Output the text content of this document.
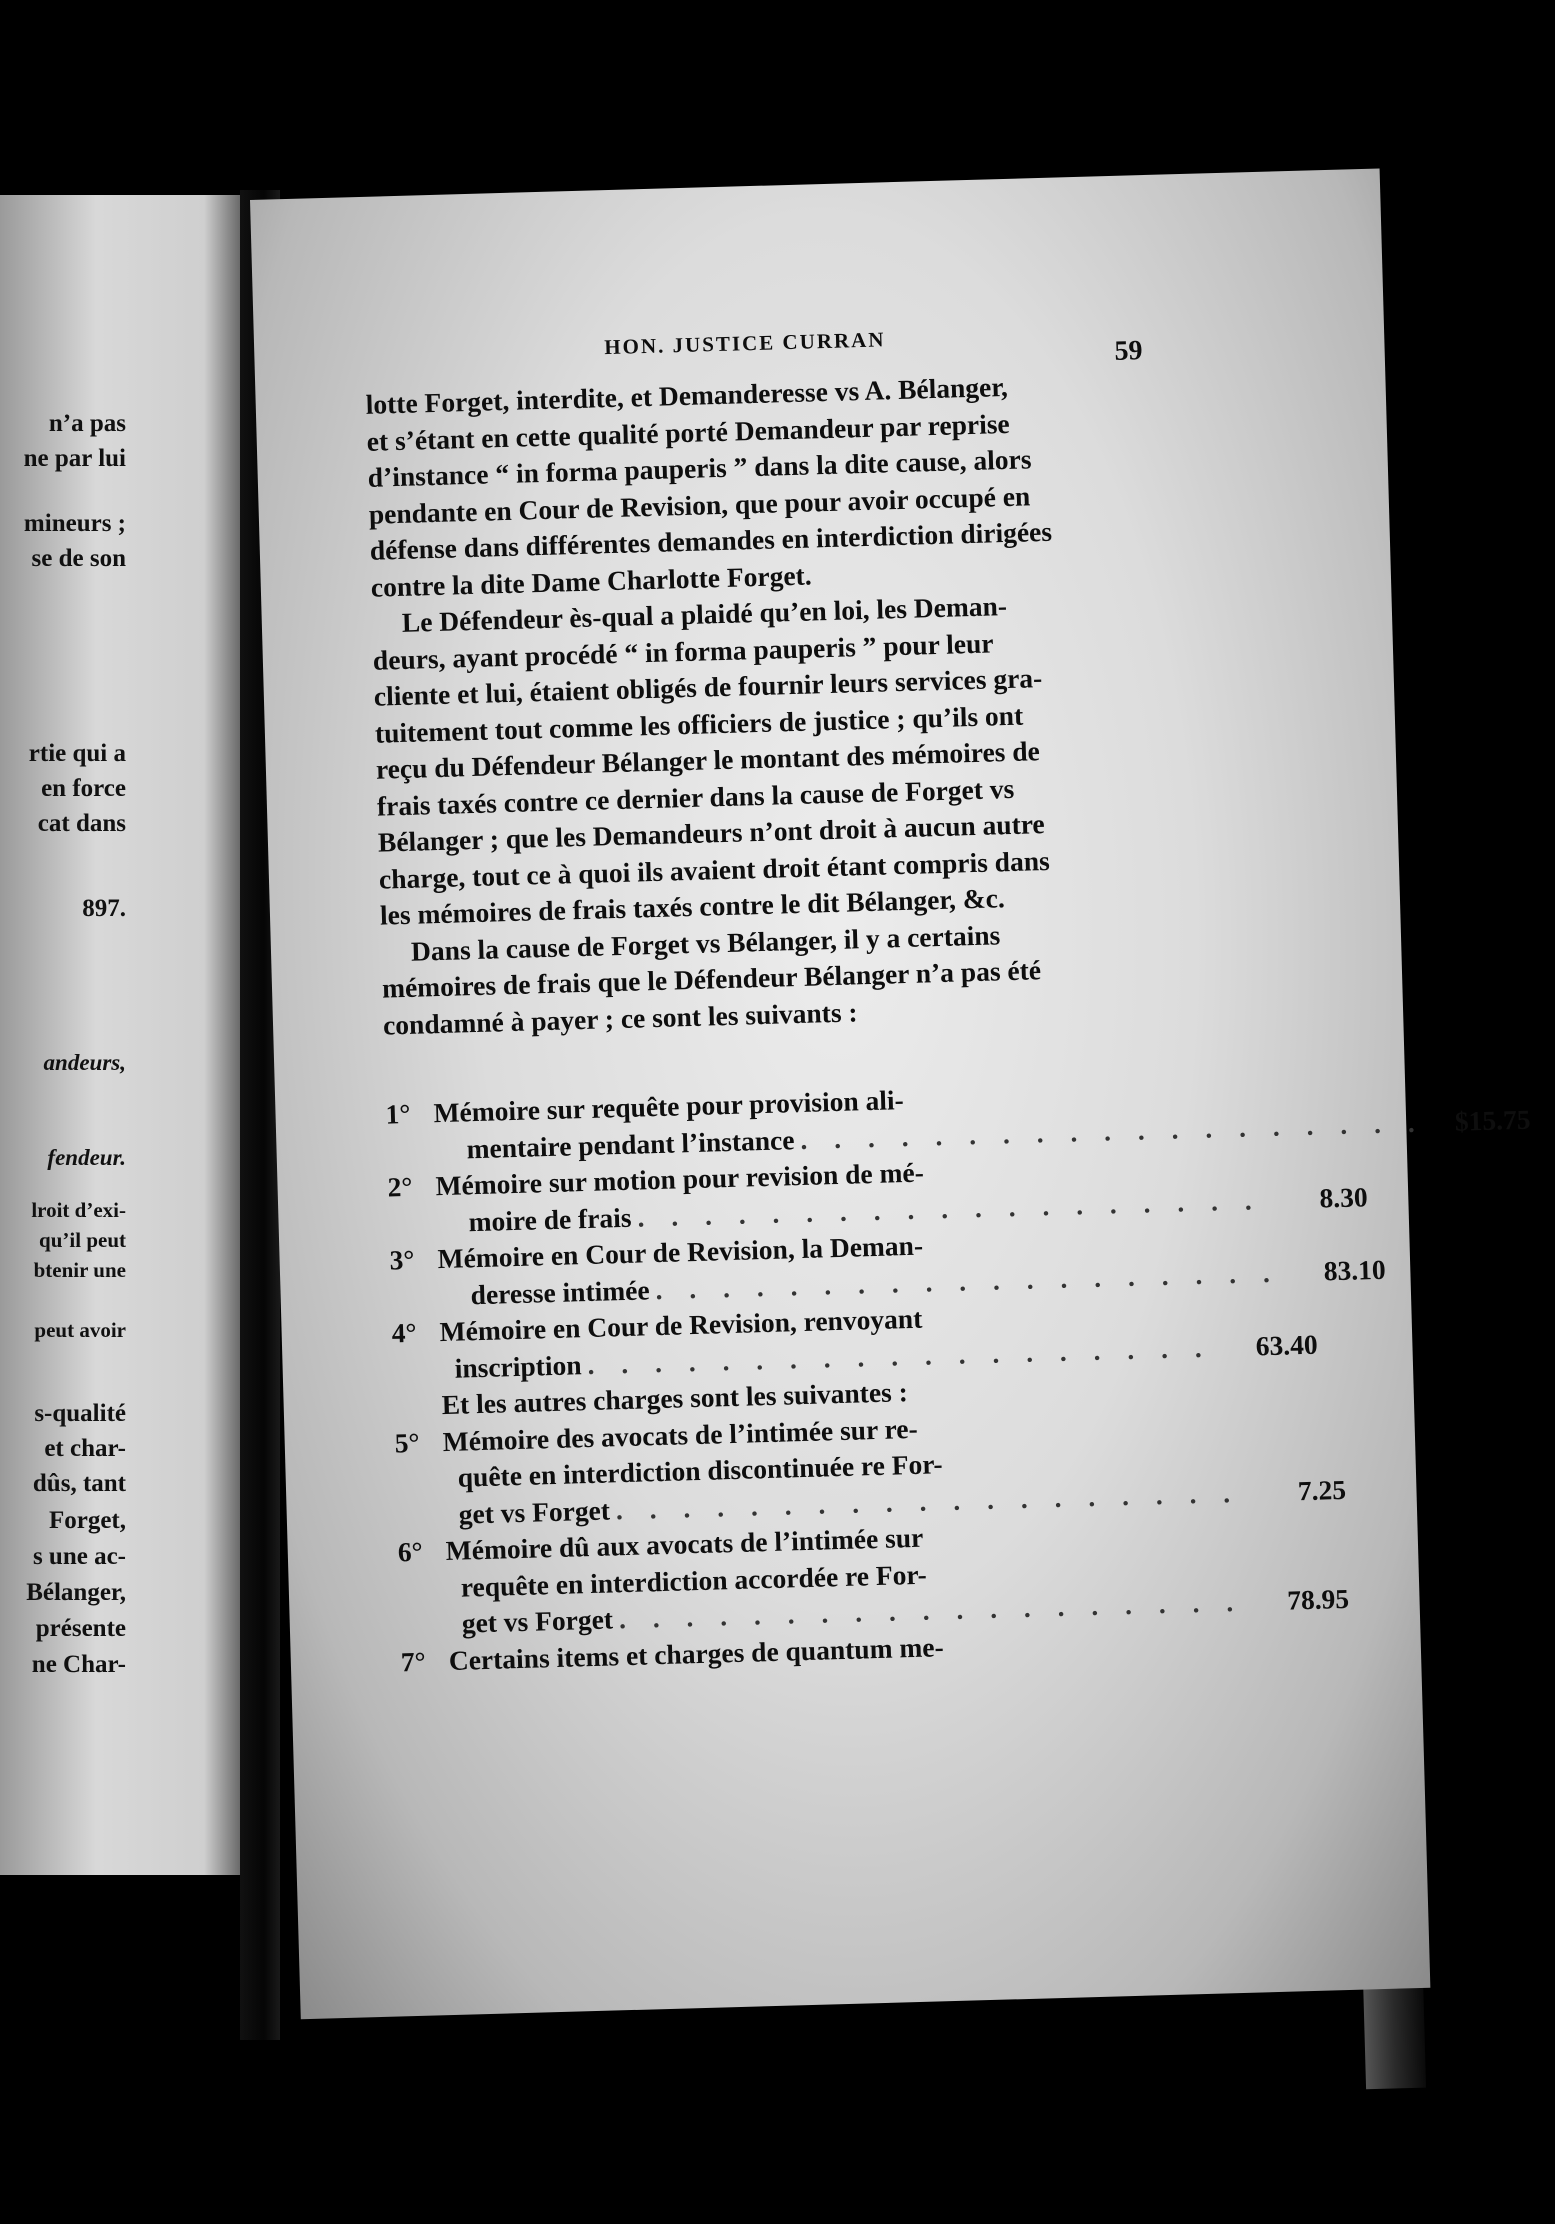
n’a pas
ne par lui
mineurs ;
se de son
rtie qui a
en force
cat dans
897.
andeurs,
fendeur.
lroit d’exi-
qu’il peut
btenir une
peut avoir
s-qualité
et char-
dûs, tant
Forget,
s une ac-
Bélanger,
présente
ne Char-
HON. JUSTICE CURRAN	59

lotte Forget, interdite, et Demanderesse vs A. Bélanger,
et s’étant en cette qualité porté Demandeur par reprise
d’instance “ in forma pauperis ” dans la dite cause, alors
pendante en Cour de Revision, que pour avoir occupé en
défense dans différentes demandes en interdiction dirigées
contre la dite Dame Charlotte Forget.

Le Défendeur ès-qual a plaidé qu’en loi, les Deman-
deurs, ayant procédé “ in forma pauperis ” pour leur
cliente et lui, étaient obligés de fournir leurs services gra-
tuitement tout comme les officiers de justice ; qu’ils ont
reçu du Défendeur Bélanger le montant des mémoires de
frais taxés contre ce dernier dans la cause de Forget vs
Bélanger ; que les Demandeurs n’ont droit à aucun autre
charge, tout ce à quoi ils avaient droit étant compris dans
les mémoires de frais taxés contre le dit Bélanger, &c.

Dans la cause de Forget vs Bélanger, il y a certains
mémoires de frais que le Défendeur Bélanger n’a pas été
condamné à payer ; ce sont les suivants :

1° Mémoire sur requête pour provision ali-
mentaire pendant l’instance . . . . . . . . . . . . . . . . . . .	$15.75
2° Mémoire sur motion pour revision de mé-
moire de frais . . . . . . . . . . . . . . . . . . .	8.30
3° Mémoire en Cour de Revision, la Deman-
deresse intimée . . . . . . . . . . . . . . . . . . .	83.10
4° Mémoire en Cour de Revision, renvoyant
inscription . . . . . . . . . . . . . . . . . . .	63.40
Et les autres charges sont les suivantes :
5° Mémoire des avocats de l’intimée sur re-
quête en interdiction discontinuée re For-
get vs Forget . . . . . . . . . . . . . . . . . . .	7.25
6° Mémoire dû aux avocats de l’intimée sur
requête en interdiction accordée re For-
get vs Forget . . . . . . . . . . . . . . . . . . .	78.95
7° Certains items et charges de quantum me-
